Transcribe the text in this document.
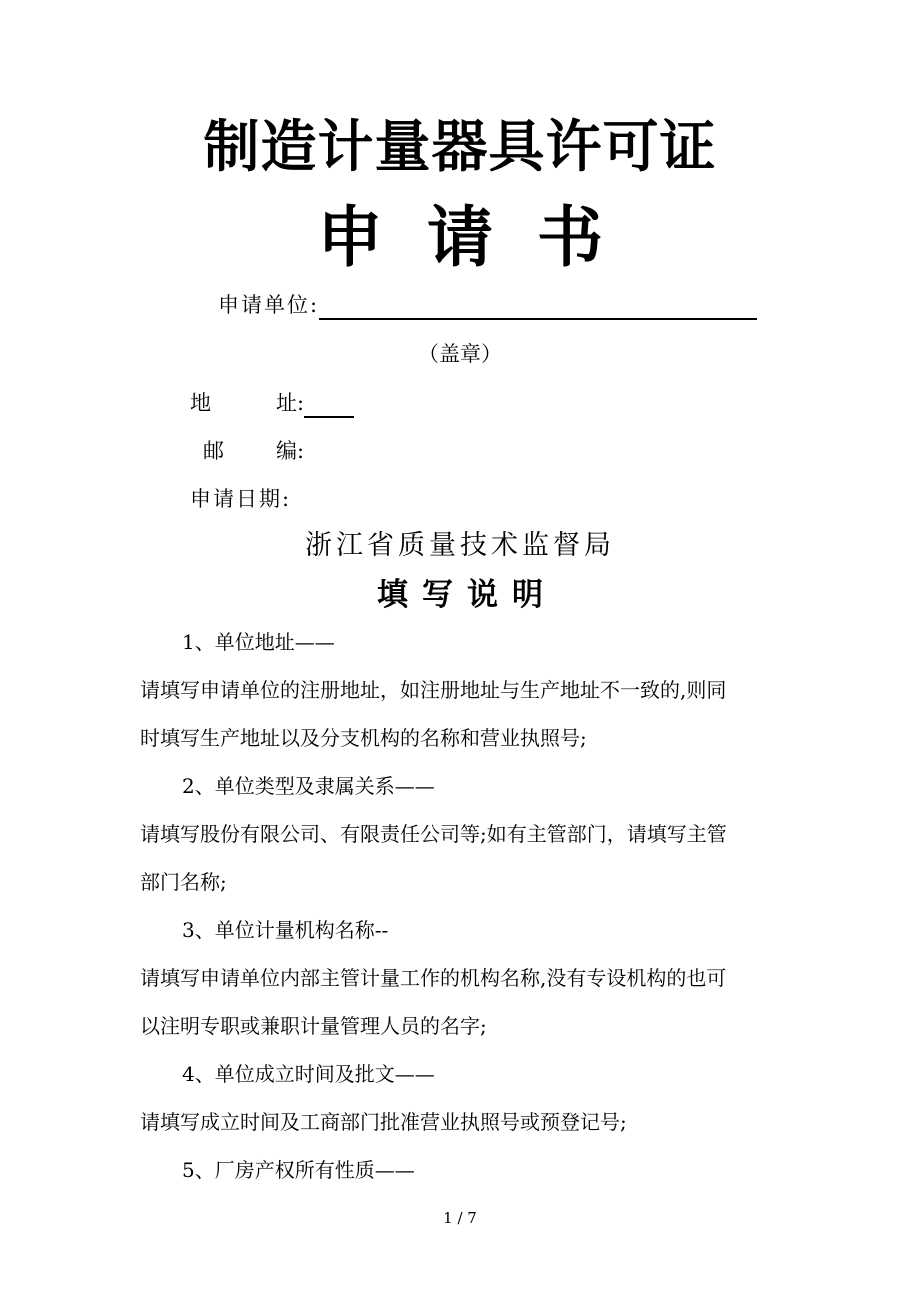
制造计量器具许可证
申请书
申请单位:
（盖章）
地	址:
邮 编:
申请日期:
浙江省质量技术监督局
填写说明
1、单位地址——
请填写申请单位的注册地址，如注册地址与生产地址不一致的,则同
时填写生产地址以及分支机构的名称和营业执照号;
2、单位类型及隶属关系——
请填写股份有限公司、有限责任公司等;如有主管部门，请填写主管
部门名称;
3、单位计量机构名称--
请填写申请单位内部主管计量工作的机构名称,没有专设机构的也可
以注明专职或兼职计量管理人员的名字;
4、单位成立时间及批文——
请填写成立时间及工商部门批准营业执照号或预登记号;
5、厂房产权所有性质——
1 / 7
